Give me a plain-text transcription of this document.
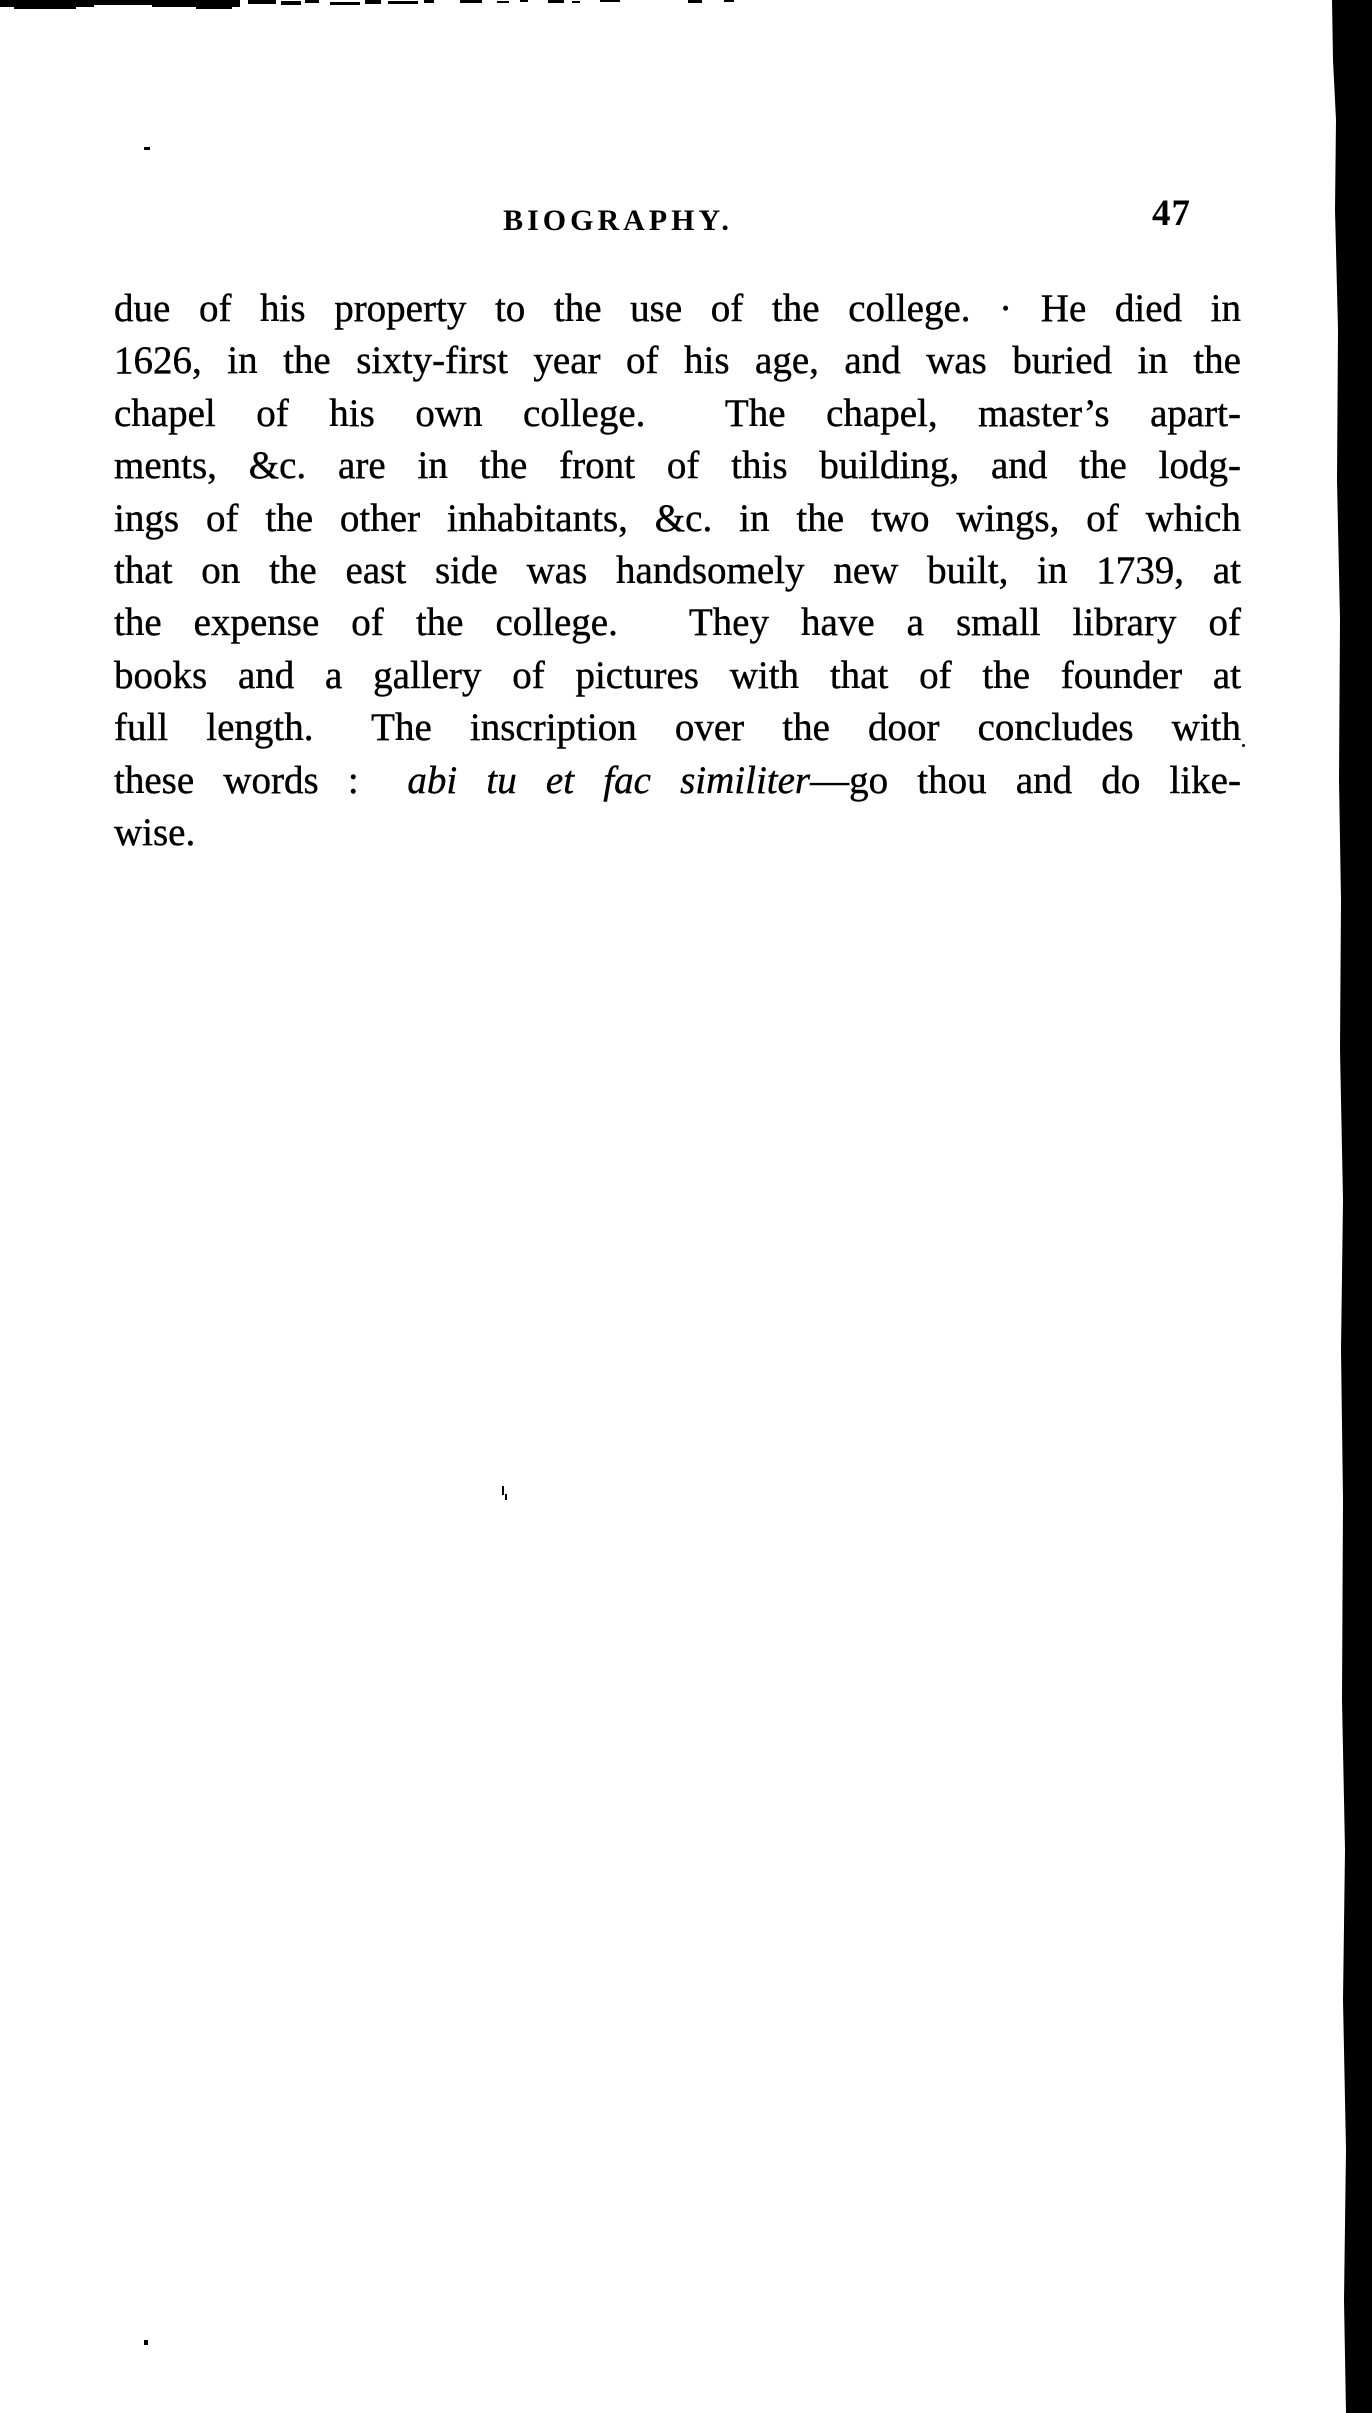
BIOGRAPHY.	47
due of his property to the use of the college. · He died in
1626, in the sixty-first year of his age, and was buried in the
chapel of his own college.  The chapel, master’s apart-
ments, &c. are in the front of this building, and the lodg-
ings of the other inhabitants, &c. in the two wings, of which
that on the east side was handsomely new built, in 1739, at
the expense of the college.  They have a small library of
books and a gallery of pictures with that of the founder at
full length.  The inscription over the door concludes with
these words :  abi tu et fac similiter—go thou and do like-
wise.
